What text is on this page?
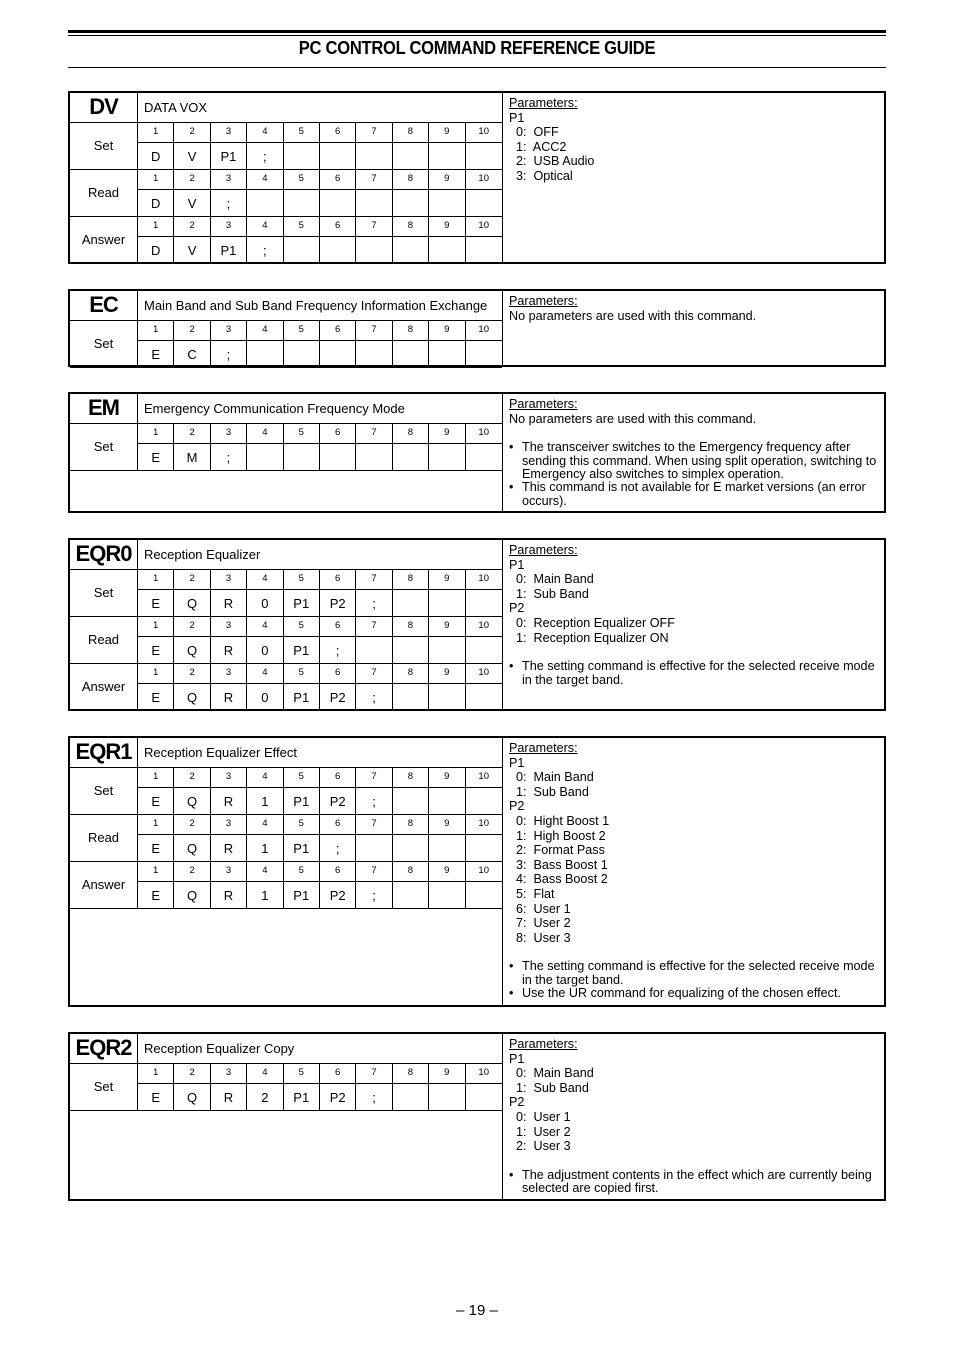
PC CONTROL COMMAND REFERENCE GUIDE
DV	DATA VOX
Set
1	2	3	4	5	6	7	8	9	10
D	V	P1	;
Read
1	2	3	4	5	6	7	8	9	10
D	V	;
Answer
1	2	3	4	5	6	7	8	9	10
D	V	P1	;
Parameters:
P1
0:  OFF
1:  ACC2
2:  USB Audio
3:  Optical
EC	Main Band and Sub Band Frequency Information Exchange
Set
1	2	3	4	5	6	7	8	9	10
E	C	;
Parameters:
No parameters are used with this command.
EM	Emergency Communication Frequency Mode
Set
1	2	3	4	5	6	7	8	9	10
E	M	;
Parameters:
No parameters are used with this command.
• The transceiver switches to the Emergency frequency after sending this command. When using split operation, switching to Emergency also switches to simplex operation.
• This command is not available for E market versions (an error occurs).
EQR0 Reception Equalizer
Set
1	2	3	4	5	6	7	8	9	10
E	Q	R	0	P1	P2	;
Read
1	2	3	4	5	6	7	8	9	10
E	Q	R	0	P1	;
Answer
1	2	3	4	5	6	7	8	9	10
E	Q	R	0	P1	P2	;
Parameters:
P1
0:  Main Band
1:  Sub Band
P2
0:  Reception Equalizer OFF
1:  Reception Equalizer ON
• The setting command is effective for the selected receive mode in the target band.
EQR1 Reception Equalizer Effect
Set
1	2	3	4	5	6	7	8	9	10
E	Q	R	1	P1	P2	;
Read
1	2	3	4	5	6	7	8	9	10
E	Q	R	1	P1	;
Answer
1	2	3	4	5	6	7	8	9	10
E	Q	R	1	P1	P2	;
Parameters:
P1
0:  Main Band
1:  Sub Band
P2
0:  Hight Boost 1
1:  High Boost 2
2:  Format Pass
3:  Bass Boost 1
4:  Bass Boost 2
5:  Flat
6:  User 1
7:  User 2
8:  User 3
• The setting command is effective for the selected receive mode in the target band.
• Use the UR command for equalizing of the chosen effect.
EQR2 Reception Equalizer Copy
Set
1	2	3	4	5	6	7	8	9	10
E	Q	R	2	P1	P2	;
Parameters:
P1
0:  Main Band
1:  Sub Band
P2
0:  User 1
1:  User 2
2:  User 3
• The adjustment contents in the effect which are currently being selected are copied first.
– 19 –
